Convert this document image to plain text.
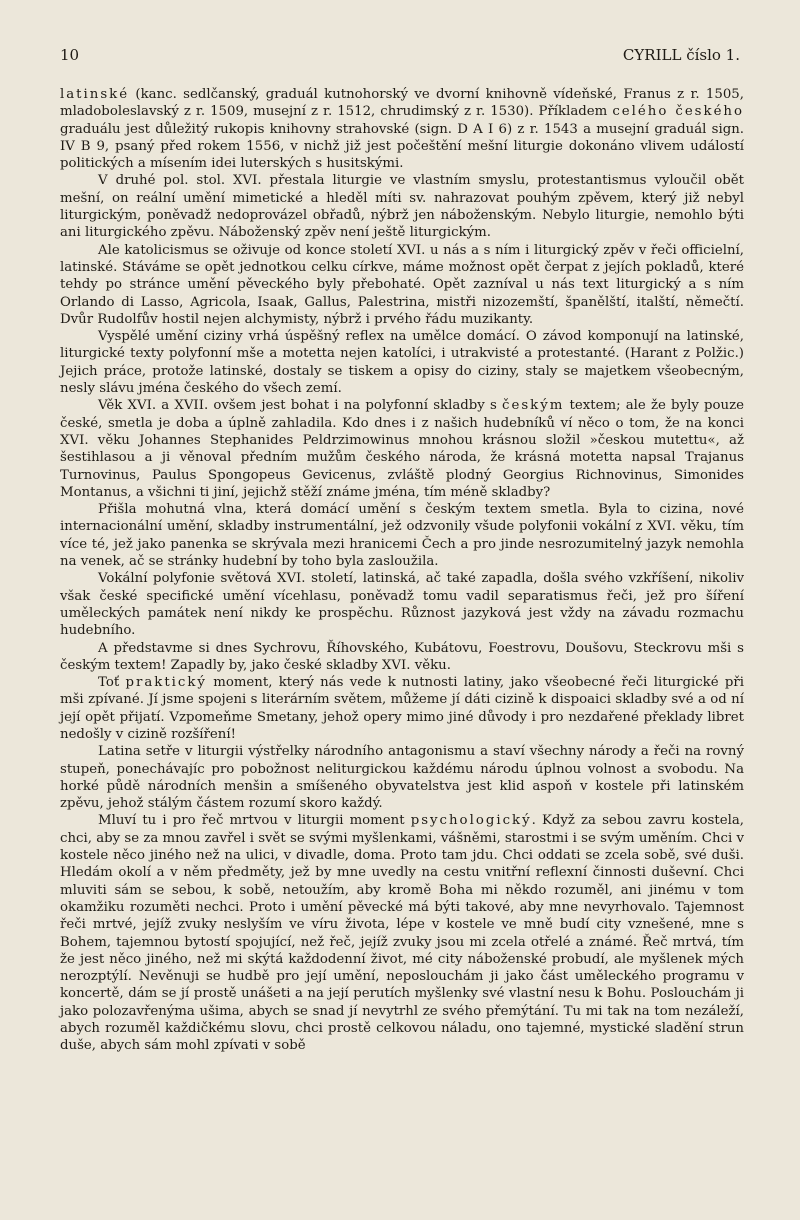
10	CYRILL číslo 1.

latinské (kanc. sedlčanský, graduál kutnohorský ve dvorní knihovně vídeňské, Franus z r. 1505, mladoboleslavský z r. 1509, musejní z r. 1512, chrudimský z r. 1530). Příkladem celého českého graduálu jest důležitý rukopis knihovny strahovské (sign. D A I 6) z r. 1543 a musejní graduál sign. IV B 9, psaný před rokem 1556, v nichž již jest počeštění mešní liturgie dokonáno vlivem událostí politických a mísením idei luterských s husitskými.

V druhé pol. stol. XVI. přestala liturgie ve vlastním smyslu, protestantismus vyloučil obět mešní, on reální umění mimetické a hleděl míti sv. nahrazovat pouhým zpěvem, který již nebyl liturgickým, poněvadž nedoprovázel obřadů, nýbrž jen náboženským. Nebylo liturgie, nemohlo býti ani liturgického zpěvu. Náboženský zpěv není ještě liturgickým.

Ale katolicismus se oživuje od konce století XVI. u nás a s ním i liturgický zpěv v řeči officielní, latinské. Stáváme se opět jednotkou celku církve, máme možnost opět čerpat z jejích pokladů, které tehdy po stránce umění pěveckého byly přebohaté. Opět zazníval u nás text liturgický a s ním Orlando di Lasso, Agricola, Isaak, Gallus, Palestrina, mistři nizozemští, španělští, italští, němečtí. Dvůr Rudolfův hostil nejen alchymisty, nýbrž i prvého řádu muzikanty.

Vyspělé umění ciziny vrhá úspěšný reflex na umělce domácí. O závod komponují na latinské, liturgické texty polyfonní mše a motetta nejen katolíci, i utrakvisté a protestanté. (Harant z Polžic.) Jejich práce, protože latinské, dostaly se tiskem a opisy do ciziny, staly se majetkem všeobecným, nesly slávu jména českého do všech zemí.

Věk XVI. a XVII. ovšem jest bohat i na polyfonní skladby s českým textem; ale že byly pouze české, smetla je doba a úplně zahladila. Kdo dnes i z našich hudebníků ví něco o tom, že na konci XVI. věku Johannes Stephanides Peldrzimowinus mnohou krásnou složil »českou mutettu«, až šestihlasou a ji věnoval předním mužům českého národa, že krásná motetta napsal Trajanus Turnovinus, Paulus Spongopeus Gevicenus, zvláště plodný Georgius Richnovinus, Simonides Montanus, a všichni ti jiní, jejichž stěží známe jména, tím méně skladby?

Přišla mohutná vlna, která domácí umění s českým textem smetla. Byla to cizina, nové internacionální umění, skladby instrumentální, jež odzvonily všude polyfonii vokální z XVI. věku, tím více té, jež jako panenka se skrývala mezi hranicemi Čech a pro jinde nesrozumitelný jazyk nemohla na venek, ač se stránky hudební by toho byla zasloužila.

Vokální polyfonie světová XVI. století, latinská, ač také zapadla, došla svého vzkříšení, nikoliv však české specifické umění vícehlasu, poněvadž tomu vadil separatismus řeči, jež pro šíření uměleckých památek není nikdy ke prospěchu. Různost jazyková jest vždy na závadu rozmachu hudebního.

A představme si dnes Sychrovu, Říhovského, Kubátovu, Foestrovu, Doušovu, Steckrovu mši s českým textem! Zapadly by, jako české skladby XVI. věku.

Toť praktický moment, který nás vede k nutnosti latiny, jako všeobecné řeči liturgické při mši zpívané. Jí jsme spojeni s literárním světem, můžeme jí dáti cizině k dispoaici skladby své a od ní její opět přijatí. Vzpomeňme Smetany, jehož opery mimo jiné důvody i pro nezdařené překlady libret nedošly v cizině rozšíření!

Latina setře v liturgii výstřelky národního antagonismu a staví všechny národy a řeči na rovný stupeň, ponechávajíc pro pobožnost neliturgickou každému národu úplnou volnost a svobodu. Na horké půdě národních menšin a smíšeného obyvatelstva jest klid aspoň v kostele při latinském zpěvu, jehož stálým částem rozumí skoro každý.

Mluví tu i pro řeč mrtvou v liturgii moment psychologický. Když za sebou zavru kostela, chci, aby se za mnou zavřel i svět se svými myšlenkami, vášněmi, starostmi i se svým uměním. Chci v kostele něco jiného než na ulici, v divadle, doma. Proto tam jdu. Chci oddati se zcela sobě, své duši. Hledám okolí a v něm předměty, jež by mne uvedly na cestu vnitřní reflexní činnosti duševní. Chci mluviti sám se sebou, k sobě, netoužím, aby kromě Boha mi někdo rozuměl, ani jinému v tom okamžiku rozuměti nechci. Proto i umění pěvecké má býti takové, aby mne nevyrhovalo. Tajemnost řeči mrtvé, jejíž zvuky neslyším ve víru života, lépe v kostele ve mně budí city vznešené, mne s Bohem, tajemnou bytostí spojující, než řeč, jejíž zvuky jsou mi zcela otřelé a známé. Řeč mrtvá, tím že jest něco jiného, než mi skýtá každodenní život, mé city náboženské probudí, ale myšlenek mých nerozptýlí. Nevěnuji se hudbě pro její umění, neposlouchám ji jako část uměleckého programu v koncertě, dám se jí prostě unášeti a na její perutích myšlenky své vlastní nesu k Bohu. Poslouchám ji jako polozavřenýma ušima, abych se snad jí nevytrhl ze svého přemýtání. Tu mi tak na tom nezáleží, abych rozuměl každičkému slovu, chci prostě celkovou náladu, ono tajemné, mystické sladění strun duše, abych sám mohl zpívati v sobě
